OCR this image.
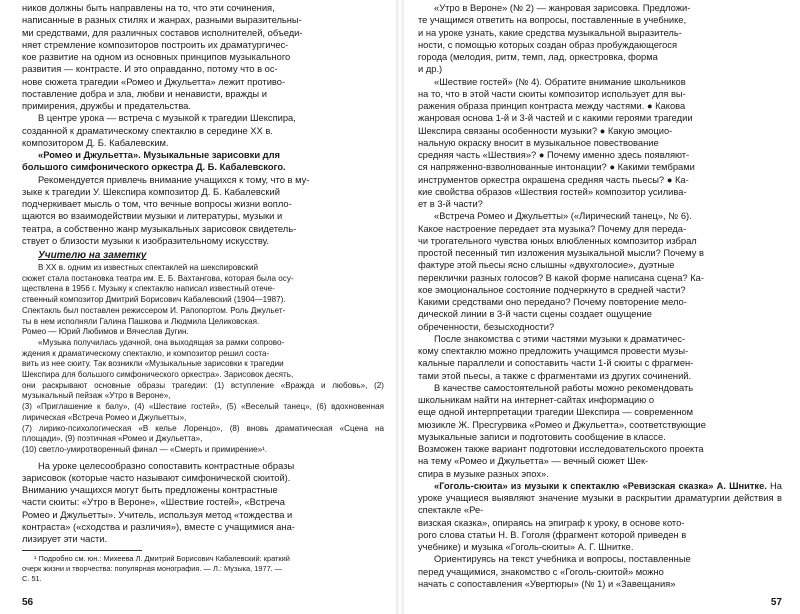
ников должны быть направлены на то, что эти сочинения,
написанные в разных стилях и жанрах, разными выразительны-
ми средствами, для различных составов исполнителей, объеди-
няет стремление композиторов построить их драматургичес-
кое развитие на одном из основных принципов музыкального
развития — контрасте. И это оправданно, потому что в ос-
нове сюжета трагедии «Ромео и Джульетта» лежит противо-
поставление добра и зла, любви и ненависти, вражды и
примирения, дружбы и предательства.
В центре урока — встреча с музыкой к трагедии Шекспира,
созданной к драматическому спектаклю в середине XX в.
композитором Д. Б. Кабалевским.
«Ромео и Джульетта». Музыкальные зарисовки для
большого симфонического оркестра Д. Б. Кабалевского.
Рекомендуется привлечь внимание учащихся к тому, что в му-
зыке к трагедии У. Шекспира композитор Д. Б. Кабалевский
подчеркивает мысль о том, что вечные вопросы жизни вопло-
щаются во взаимодействии музыки и литературы, музыки и
театра, а собственно жанр музыкальных зарисовок свидетель-
ствует о близости музыки к изобразительному искусству.
Учителю на заметку
В XX в. одним из известных спектаклей на шекспировский
сюжет стала постановка театра им. Е. Б. Вахтангова, которая была осу-
ществлена в 1956 г. Музыку к спектаклю написал известный отече-
ственный композитор Дмитрий Борисович Кабалевский (1904—1987).
Спектакль был поставлен режиссером И. Рапопортом. Роль Джульет-
ты в нем исполняли Галина Пашкова и Людмила Целиковская.
Ромео — Юрий Любимов и Вячеслав Дугин.
«Музыка получилась удачной, она выходящая за рамки сопрово-
ждения к драматическому спектаклю, и композитор решил соста-
вить из нее сюиту. Так возникли «Музыкальные зарисовки к трагедии
Шекспира для большого симфонического оркестра». Зарисовок десять,
они раскрывают основные образы трагедии: (1) вступление «Вражда и любовь», (2) музыкальный пейзаж «Утро в Вероне»,
(3) «Приглашение к балу», (4) «Шествие гостей», (5) «Веселый танец», (6) вдохновенная лирическая «Встреча Ромео и Джульетты»,
(7) лирико-психологическая «В келье Лоренцо», (8) вновь драматическая «Сцена на площади», (9) поэтичная «Ромео и Джульетта»,
(10) светло-умиротворенный финал — «Смерть и примирение»¹.
На уроке целесообразно сопоставить контрастные образы
зарисовок (которые часто называют симфонической сюитой).
Вниманию учащихся могут быть предложены контрастные
части сюиты: «Утро в Вероне», «Шествие гостей», «Встреча
Ромео и Джульетты». Учитель, используя метод «тождества и
контраста» («сходства и различия»), вместе с учащимися ана-
лизирует эти части.
¹ Подробно см. юн.: Михеева Л. Дмитрий Борисович Кабалевский: краткий
очерк жизни и творчества: популярная монография. — Л.: Музыка, 1977. —
С. 51.
56
«Утро в Вероне» (№ 2) — жанровая зарисовка. Предложи-
те учащимся ответить на вопросы, поставленные в учебнике,
и на уроке узнать, какие средства музыкальной выразитель-
ности, с помощью которых создан образ пробуждающегося
города (мелодия, ритм, темп, лад, оркестровка, форма
и др.)
«Шествие гостей» (№ 4). Обратите внимание школьников
на то, что в этой части сюиты композитор использует для вы-
ражения образа принцип контраста между частями. ● Какова
жанровая основа 1-й и 3-й частей и с какими героями трагедии
Шекспира связаны особенности музыки? ● Какую эмоцио-
нальную окраску вносит в музыкальное повествование
средняя часть «Шествия»? ● Почему именно здесь появляют-
ся напряженно-взволнованные интонации? ● Какими тембрами
инструментов оркестра окрашена средняя часть пьесы? ● Ка-
кие свойства образов «Шествия гостей» композитор усилива-
ет в 3-й части?
«Встреча Ромео и Джульетты» («Лирический танец», № 6).
Какое настроение передает эта музыка? Почему для переда-
чи трогательного чувства юных влюбленных композитор избрал
простой песенный тип изложения музыкальной мысли? Почему в
фактуре этой пьесы ясно слышны «двухголосие», дуэтные
переклички разных голосов? В какой форме написана сцена? Ка-
кое эмоциональное состояние подчеркнуто в средней части?
Какими средствами оно передано? Почему повторение мело-
дической линии в 3-й части сцены создает ощущение
обреченности, безысходности?
После знакомства с этими частями музыки к драматичес-
кому спектаклю можно предложить учащимся провести музы-
кальные параллели и сопоставить части 1-й сюиты с фрагмен-
тами этой пьесы, а также с фрагментами из других сочинений.
В качестве самостоятельной работы можно рекомендовать
школьникам найти на интернет-сайтах информацию о
еще одной интерпретации трагедии Шекспира — современном
мюзикле Ж. Пресгурвика «Ромео и Джульетта», соответствующие
музыкальные записи и подготовить сообщение в классе.
Возможен также вариант подготовки исследовательского проекта
на тему «Ромео и Джульетта» — вечный сюжет Шек-
спира в музыке разных эпох».
«Гоголь-сюита» из музыки к спектаклю «Ревизская сказка» А. Шнитке. На уроке учащиеся выявляют значение музыки в раскрытии драматургии действия в спектакле «Ре-
визская сказка», опираясь на эпиграф к уроку, в основе кото-
рого слова статьи Н. В. Гоголя (фрагмент которой приведен в
учебнике) и музыка «Гоголь-сюиты» А. Г. Шнитке.
Ориентируясь на текст учебника и вопросы, поставленные
перед учащимися, знакомство с «Гоголь-сюитой» можно
начать с сопоставления «Увертюры» (№ 1) и «Завещания»
57
